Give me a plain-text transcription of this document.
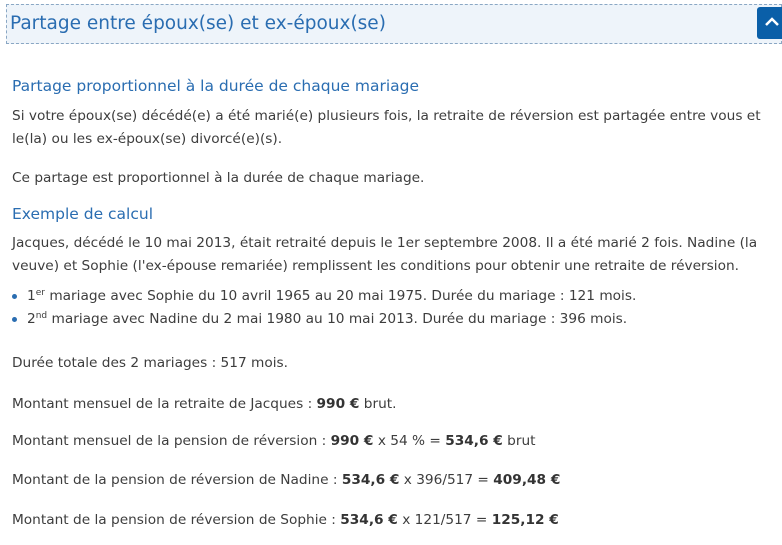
Partage entre époux(se) et ex-époux(se)
Partage proportionnel à la durée de chaque mariage

Si votre époux(se) décédé(e) a été marié(e) plusieurs fois, la retraite de réversion est partagée entre vous et le(la) ou les ex-époux(se) divorcé(e)(s).

Ce partage est proportionnel à la durée de chaque mariage.

Exemple de calcul

Jacques, décédé le 10 mai 2013, était retraité depuis le 1er septembre 2008. Il a été marié 2 fois. Nadine (la veuve) et Sophie (l'ex-épouse remariée) remplissent les conditions pour obtenir une retraite de réversion.

1er mariage avec Sophie du 10 avril 1965 au 20 mai 1975. Durée du mariage : 121 mois.
2nd mariage avec Nadine du 2 mai 1980 au 10 mai 2013. Durée du mariage : 396 mois.
Durée totale des 2 mariages : 517 mois.
Montant mensuel de la retraite de Jacques : 990 € brut.
Montant mensuel de la pension de réversion : 990 € x 54 % = 534,6 € brut
Montant de la pension de réversion de Nadine : 534,6 € x 396/517 = 409,48 €
Montant de la pension de réversion de Sophie : 534,6 € x 121/517 = 125,12 €
